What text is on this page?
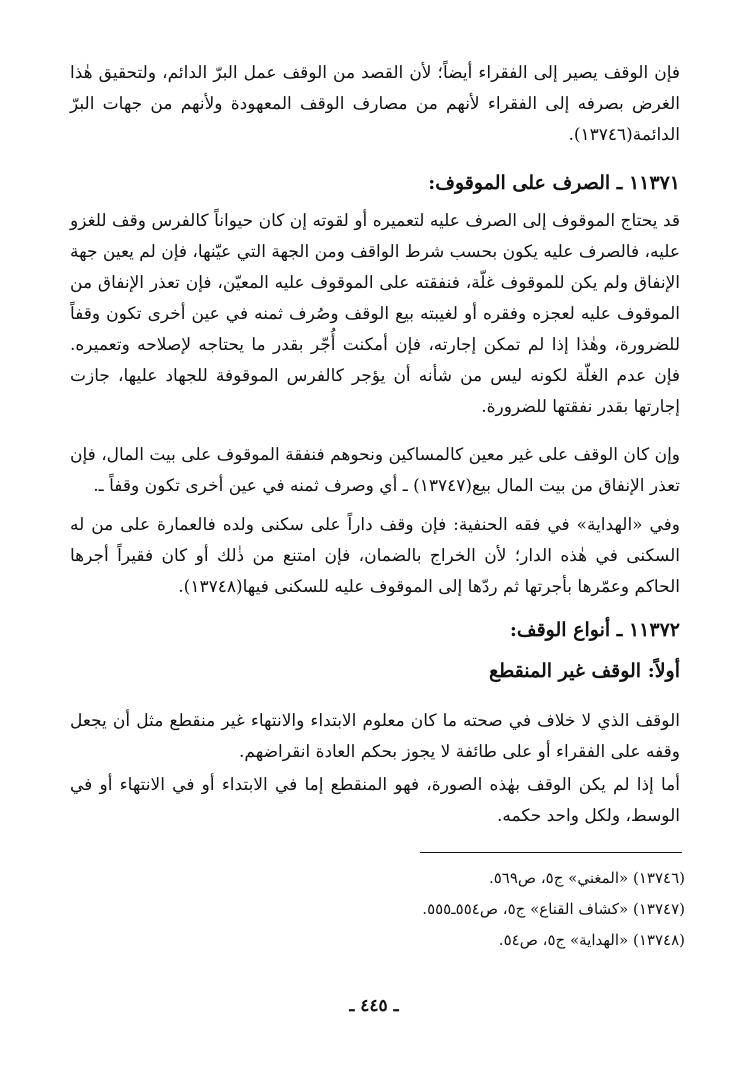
فإن الوقف يصير إلى الفقراء أيضاً؛ لأن القصد من الوقف عمل البرّ الدائم، ولتحقيق هٰذا الغرض بصرفه إلى الفقراء لأنهم من مصارف الوقف المعهودة ولأنهم من جهات البرّ الدائمة(١٣٧٤٦).

١١٣٧١ ـ الصرف على الموقوف:

قد يحتاج الموقوف إلى الصرف عليه لتعميره أو لقوته إن كان حيواناً كالفرس وقف للغزو عليه، فالصرف عليه يكون بحسب شرط الواقف ومن الجهة التي عيّنها، فإن لم يعين جهة الإنفاق ولم يكن للموقوف غلّة، فنفقته على الموقوف عليه المعيّن، فإن تعذر الإنفاق من الموقوف عليه لعجزه وفقره أو لغيبته بيع الوقف وصُرف ثمنه في عين أخرى تكون وقفاً للضرورة، وهٰذا إذا لم تمكن إجارته، فإن أمكنت أُجّر بقدر ما يحتاجه لإصلاحه وتعميره. فإن عدم الغلّة لكونه ليس من شأنه أن يؤجر كالفرس الموقوفة للجهاد عليها، جازت إجارتها بقدر نفقتها للضرورة.

وإن كان الوقف على غير معين كالمساكين ونحوهم فنفقة الموقوف على بيت المال، فإن تعذر الإنفاق من بيت المال بيع(١٣٧٤٧) ـ أي وصرف ثمنه في عين أخرى تكون وقفاً ـ.

وفي «الهداية» في فقه الحنفية: فإن وقف داراً على سكنى ولده فالعمارة على من له السكنى في هٰذه الدار؛ لأن الخراج بالضمان، فإن امتنع من ذٰلك أو كان فقيراً أجرها الحاكم وعمّرها بأجرتها ثم ردّها إلى الموقوف عليه للسكنى فيها(١٣٧٤٨).

١١٣٧٢ ـ أنواع الوقف:
أولاً: الوقف غير المنقطع

الوقف الذي لا خلاف في صحته ما كان معلوم الابتداء والانتهاء غير منقطع مثل أن يجعل وقفه على الفقراء أو على طائفة لا يجوز بحكم العادة انقراضهم.

أما إذا لم يكن الوقف بهٰذه الصورة، فهو المنقطع إما في الابتداء أو في الانتهاء أو في الوسط، ولكل واحد حكمه.

(١٣٧٤٦) «المغني» ج٥، ص٥٦٩.

(١٣٧٤٧) «كشاف القناع» ج٥، ص٥٥٤ـ٥٥٥.

(١٣٧٤٨) «الهداية» ج٥، ص٥٤.

ـ ٤٤٥ ـ
